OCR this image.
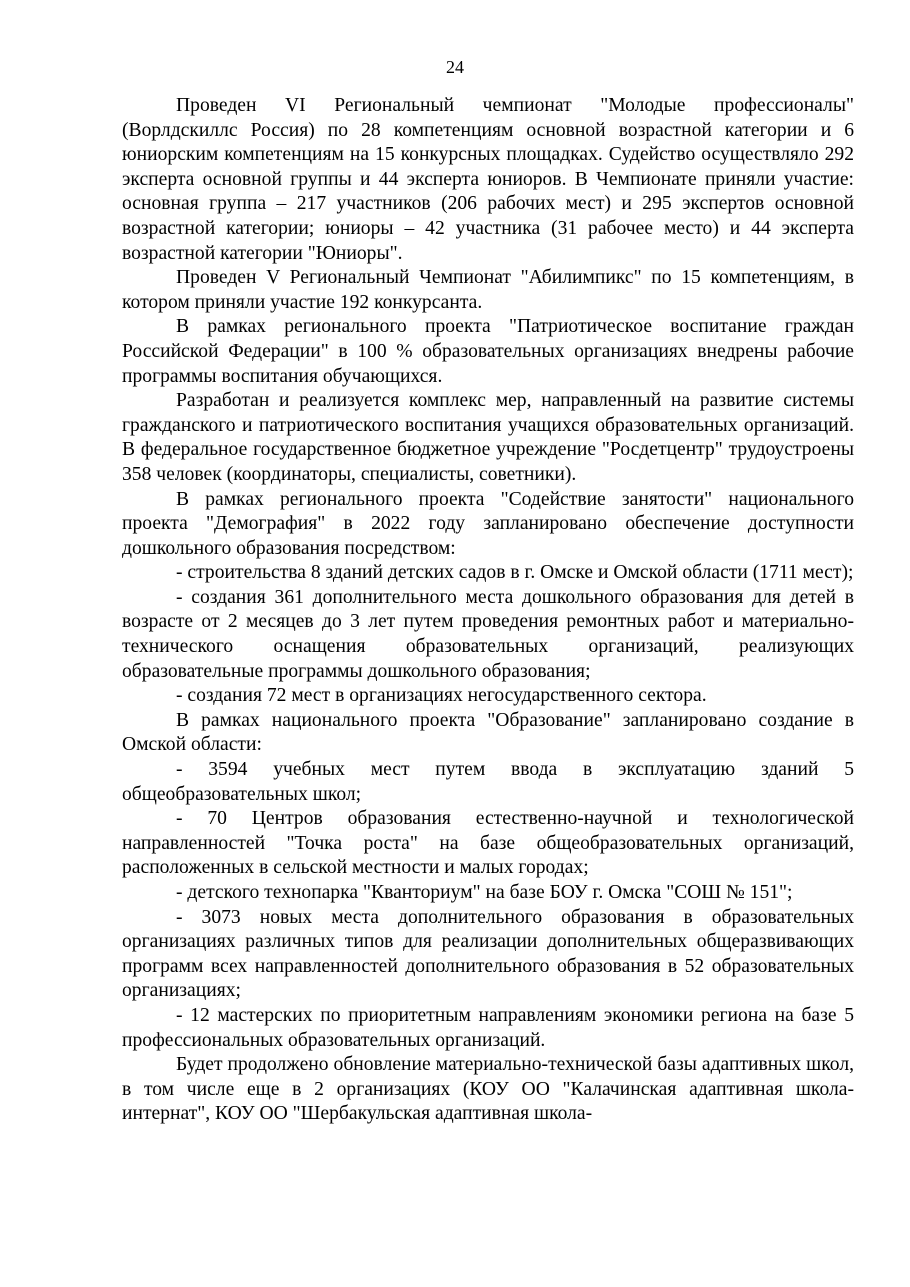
24

Проведен VI Региональный чемпионат "Молодые профессионалы" (Ворлдскиллс Россия) по 28 компетенциям основной возрастной категории и 6 юниорским компетенциям на 15 конкурсных площадках. Судейство осуществляло 292 эксперта основной группы и 44 эксперта юниоров. В Чемпионате приняли участие: основная группа – 217 участников (206 рабочих мест) и 295 экспертов основной возрастной категории; юниоры – 42 участника (31 рабочее место) и 44 эксперта возрастной категории "Юниоры".

Проведен V Региональный Чемпионат "Абилимпикс" по 15 компетенциям, в котором приняли участие 192 конкурсанта.

В рамках регионального проекта "Патриотическое воспитание граждан Российской Федерации" в 100 % образовательных организациях внедрены рабочие программы воспитания обучающихся.

Разработан и реализуется комплекс мер, направленный на развитие системы гражданского и патриотического воспитания учащихся образовательных организаций. В федеральное государственное бюджетное учреждение "Росдетцентр" трудоустроены 358 человек (координаторы, специалисты, советники).

В рамках регионального проекта "Содействие занятости" национального проекта "Демография" в 2022 году запланировано обеспечение доступности дошкольного образования посредством:

- строительства 8 зданий детских садов в г. Омске и Омской области (1711 мест);

- создания 361 дополнительного места дошкольного образования для детей в возрасте от 2 месяцев до 3 лет путем проведения ремонтных работ и материально-технического оснащения образовательных организаций, реализующих образовательные программы дошкольного образования;

- создания 72 мест в организациях негосударственного сектора.

В рамках национального проекта "Образование" запланировано создание в Омской области:

- 3594 учебных мест путем ввода в эксплуатацию зданий 5 общеобразовательных школ;

- 70 Центров образования естественно-научной и технологической направленностей "Точка роста" на базе общеобразовательных организаций, расположенных в сельской местности и малых городах;

- детского технопарка "Кванториум" на базе БОУ г. Омска "СОШ № 151";

- 3073 новых места дополнительного образования в образовательных организациях различных типов для реализации дополнительных общеразвивающих программ всех направленностей дополнительного образования в 52 образовательных организациях;

- 12 мастерских по приоритетным направлениям экономики региона на базе 5 профессиональных образовательных организаций.

Будет продолжено обновление материально-технической базы адаптивных школ, в том числе еще в 2 организациях (КОУ ОО "Калачинская адаптивная школа-интернат", КОУ ОО "Шербакульская адаптивная школа-
